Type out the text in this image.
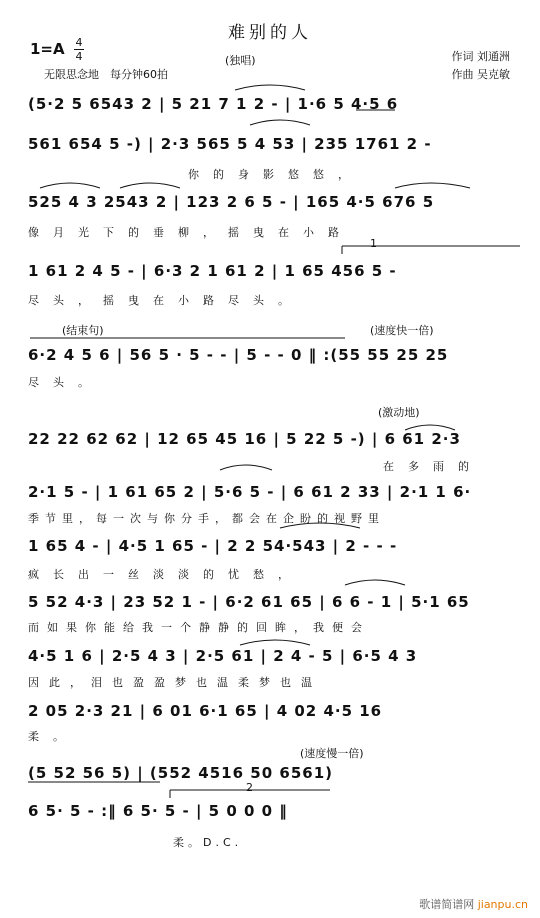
难别的人
1=A 4
4	(独唱)
无限思念地　每分钟60拍
作词 刘通洲
作曲 吴克敏
1
2
(结束句)	(速度快一倍)
(激动地)
(速度慢一倍)
(5·2 5 6543 2 | 5 21 7 1 2 - | 1·6 5 4·5 6
561 654 5 -) | 2·3 565 5 4 53 | 235 1761 2 -
你的身影悠悠，
525 4 3 2543 2 | 123 2 6 5 - | 165 4·5 676 5
像月光下的垂柳，摇曳在小路
1 61 2 4 5 - | 6·3 2 1 61 2 | 1 65 456 5 -
尽头，摇曳在小路尽头。
6·2 4 5 6 | 56 5 · 5 - - | 5 - - 0 ‖ :(55 55 25 25
尽头。
22 22 62 62 | 12 65 45 16 | 5 22 5 -) | 6 61 2·3
在多雨的
2·1 5 - | 1 61 65 2 | 5·6 5 - | 6 61 2 33 | 2·1 1 6·
季节里，每一次与你分手，都会在企盼的视野里
1 65 4 - | 4·5 1 65 - | 2 2 54·543 | 2 - - -
疯长出一丝淡淡的忧愁，
5 52 4·3 | 23 52 1 - | 6·2 61 65 | 6 6 - 1 | 5·1 65
而如果你能给我一个静静的回眸，我便会
4·5 1 6 | 2·5 4 3 | 2·5 61 | 2 4 - 5 | 6·5 4 3
因此，泪也盈盈梦也温柔梦也温
2 05 2·3 21 | 6 01 6·1 65 | 4 02 4·5 16
柔。
(5 52 56 5) | (552 4516 50 6561)
6 5· 5 - :‖ 6 5· 5 - | 5 0 0 0 ‖
柔。D.C.
歌谱简谱网 jianpu.cn
